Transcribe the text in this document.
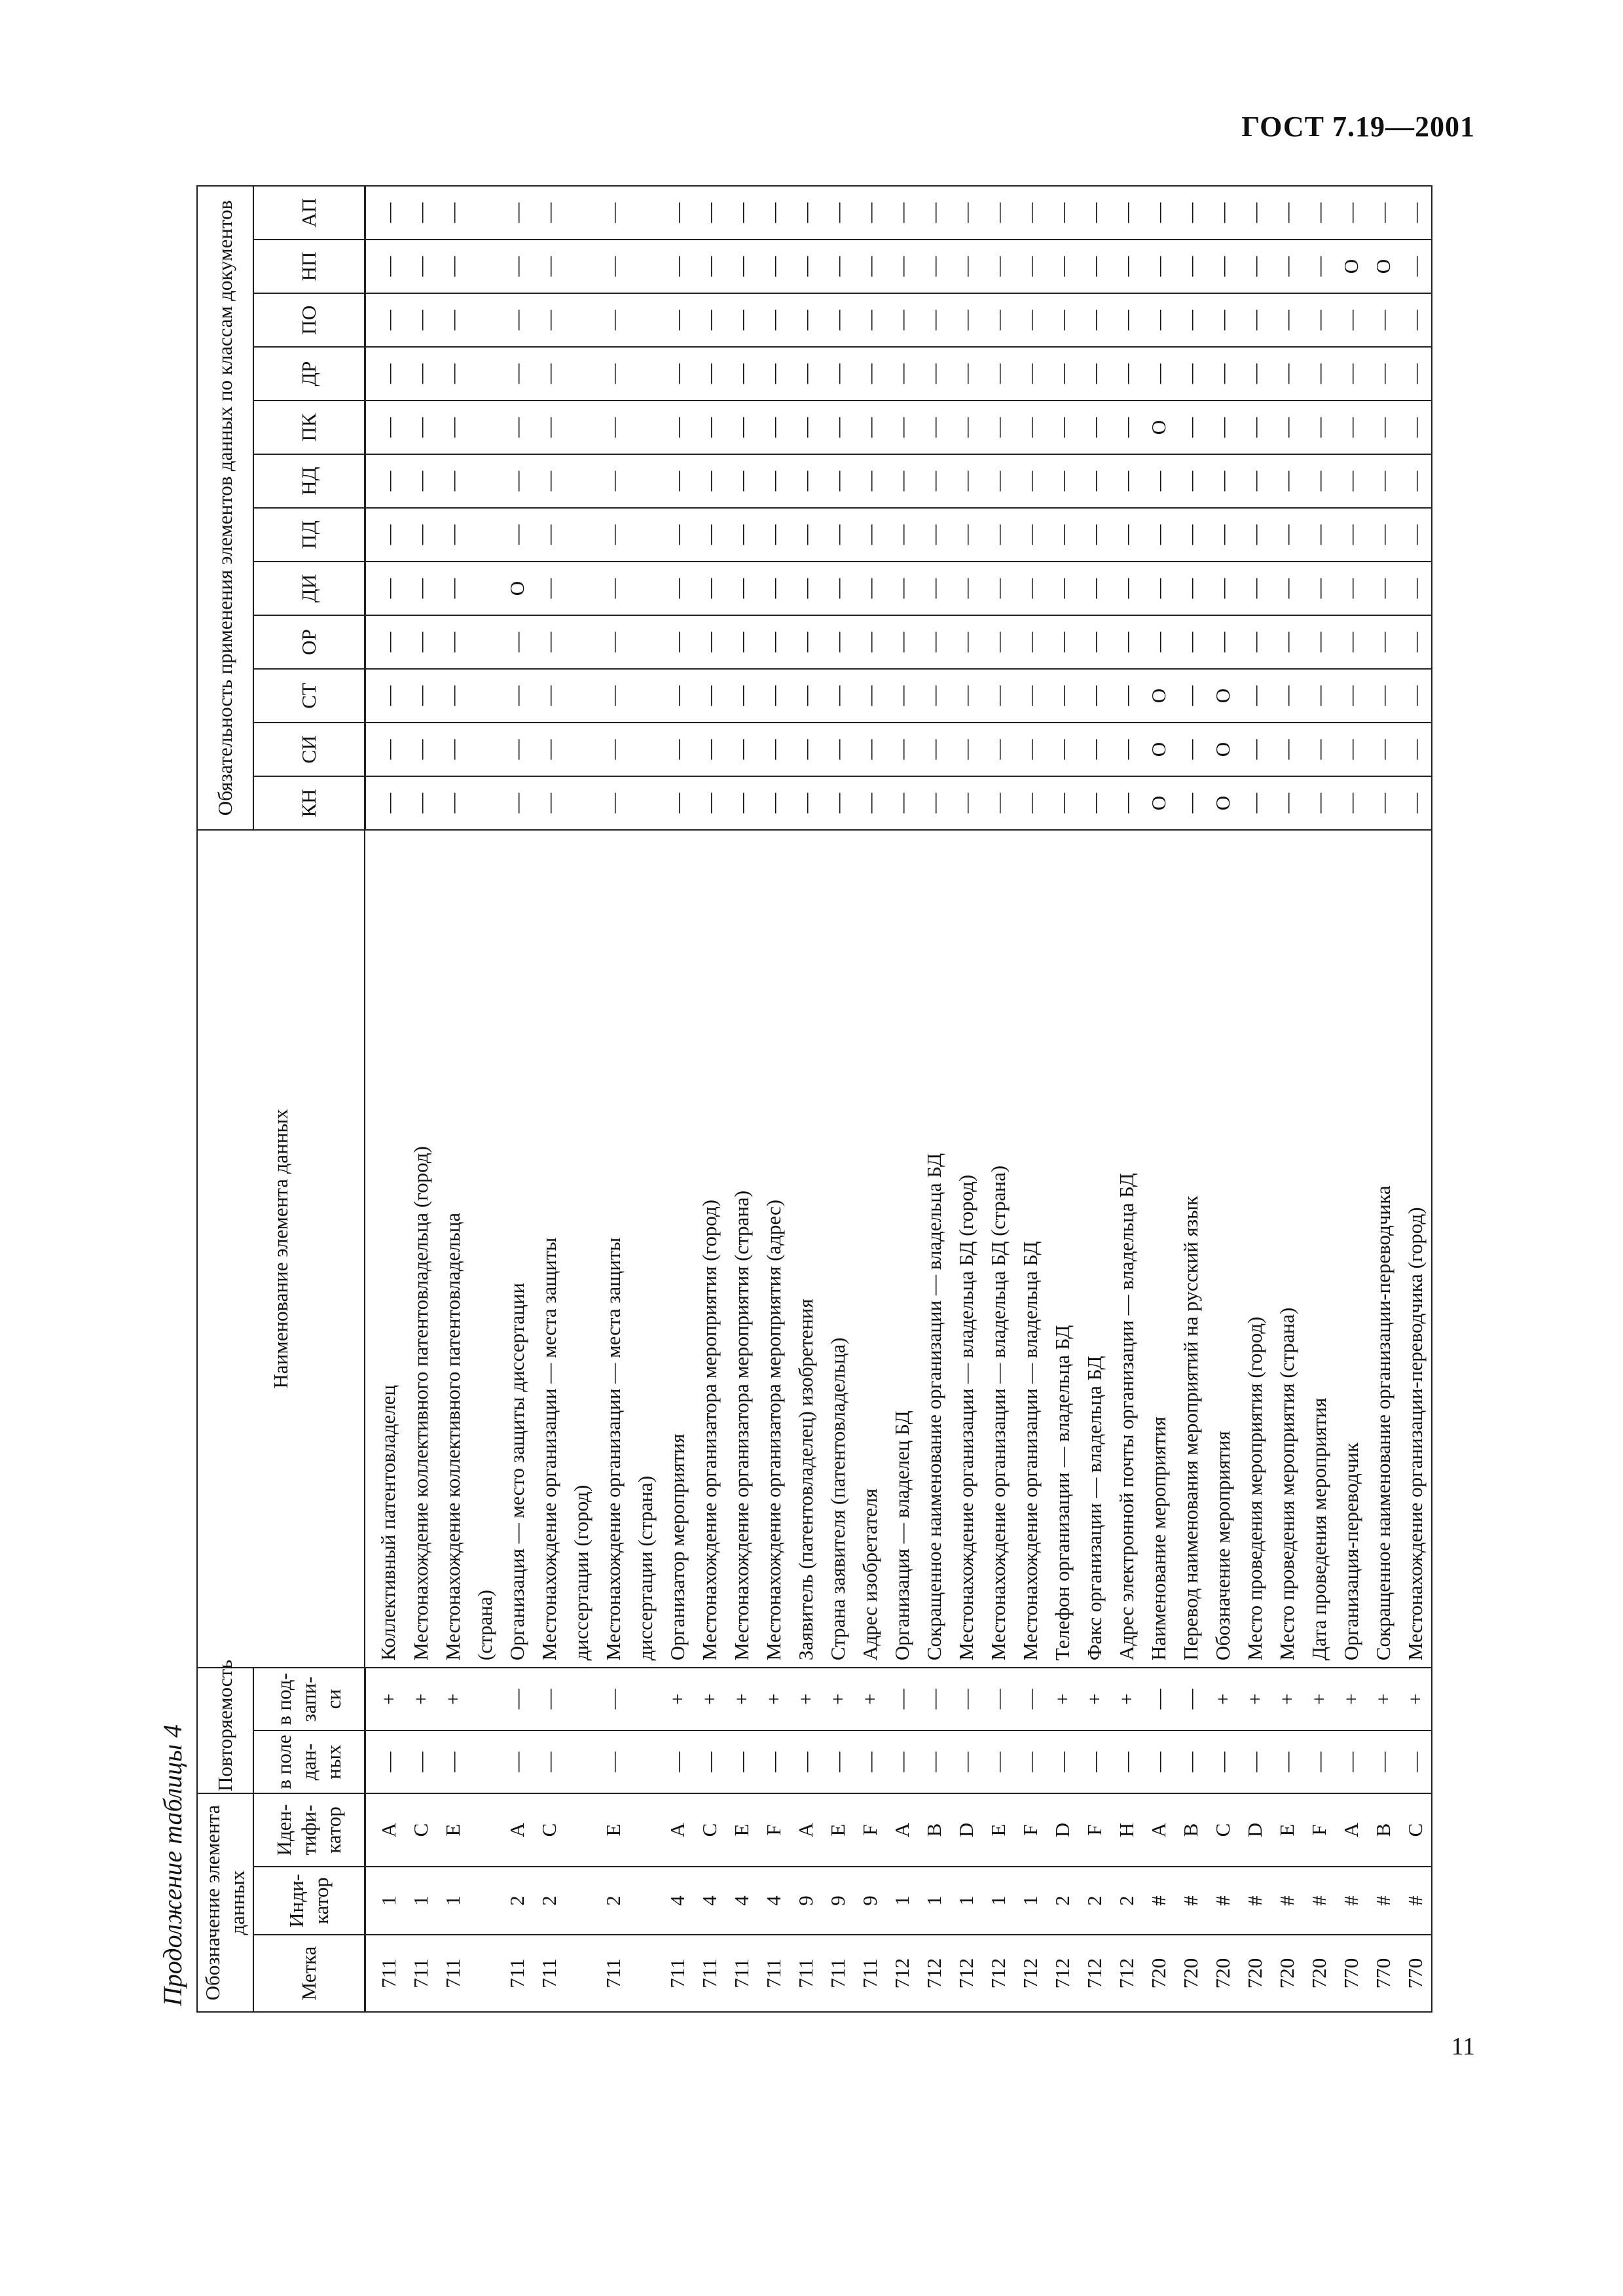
ГОСТ 7.19—2001
Продолжение таблицы 4 Обозначение элемента данных			Повторяемость		Наименование элемента данных	Обязательность применения элементов данных по классам документов											
Метка	Инди-катор	Иден-тифи-катор	в поле дан-ных	в под-запи-си		КН	СИ	СТ	ОР	ДИ	ПД	НД	ПК	ДР	ПО	НП	АП
711	1	A	—	+	Коллективный патентовладелец	—	—	—	—	—	—	—	—	—	—	—	—
711	1	C	—	+	Местонахождение коллективного патентовладельца (город)	—	—	—	—	—	—	—	—	—	—	—	—
711	1	E	—	+	Местонахождение коллективного патентовладельца	—	—	—	—	—	—	—	—	—	—	—	—
					(страна)												
711	2	A	—	—	Организация — место защиты диссертации	—	—	—	—	О	—	—	—	—	—	—	—
711	2	C	—	—	Местонахождение организации — места защиты	—	—	—	—	—	—	—	—	—	—	—	—
					диссертации (город)												
711	2	E	—	—	Местонахождение организации — места защиты	—	—	—	—	—	—	—	—	—	—	—	—
					диссертации (страна)												
711	4	A	—	+	Организатор мероприятия	—	—	—	—	—	—	—	—	—	—	—	—
711	4	C	—	+	Местонахождение организатора мероприятия (город)	—	—	—	—	—	—	—	—	—	—	—	—
711	4	E	—	+	Местонахождение организатора мероприятия (страна)	—	—	—	—	—	—	—	—	—	—	—	—
711	4	F	—	+	Местонахождение организатора мероприятия (адрес)	—	—	—	—	—	—	—	—	—	—	—	—
711	9	A	—	+	Заявитель (патентовладелец) изобретения	—	—	—	—	—	—	—	—	—	—	—	—
711	9	E	—	+	Страна заявителя (патентовладельца)	—	—	—	—	—	—	—	—	—	—	—	—
711	9	F	—	+	Адрес изобретателя	—	—	—	—	—	—	—	—	—	—	—	—
712	1	A	—	—	Организация — владелец БД	—	—	—	—	—	—	—	—	—	—	—	—
712	1	B	—	—	Сокращенное наименование организации — владельца БД	—	—	—	—	—	—	—	—	—	—	—	—
712	1	D	—	—	Местонахождение организации — владельца БД (город)	—	—	—	—	—	—	—	—	—	—	—	—
712	1	E	—	—	Местонахождение организации — владельца БД (страна)	—	—	—	—	—	—	—	—	—	—	—	—
712	1	F	—	—	Местонахождение организации — владельца БД	—	—	—	—	—	—	—	—	—	—	—	—
712	2	D	—	+	Телефон организации — владельца БД	—	—	—	—	—	—	—	—	—	—	—	—
712	2	F	—	+	Факс организации — владельца БД	—	—	—	—	—	—	—	—	—	—	—	—
712	2	H	—	+	Адрес электронной почты организации — владельца БД	—	—	—	—	—	—	—	—	—	—	—	—
720	#	A	—	—	Наименование мероприятия	О	О	О	—	—	—	—	О	—	—	—	—
720	#	B	—	—	Перевод наименования мероприятий на русский язык	—	—	—	—	—	—	—	—	—	—	—	—
720	#	C	—	+	Обозначение мероприятия	О	О	О	—	—	—	—	—	—	—	—	—
720	#	D	—	+	Место проведения мероприятия (город)	—	—	—	—	—	—	—	—	—	—	—	—
720	#	E	—	+	Место проведения мероприятия (страна)	—	—	—	—	—	—	—	—	—	—	—	—
720	#	F	—	+	Дата проведения мероприятия	—	—	—	—	—	—	—	—	—	—	—	—
770	#	A	—	+	Организация-переводчик	—	—	—	—	—	—	—	—	—	—	О	—
770	#	B	—	+	Сокращенное наименование организации-переводчика	—	—	—	—	—	—	—	—	—	—	О	—
770	#	C	—	+	Местонахождение организации-переводчика (город)	—	—	—	—	—	—	—	—	—	—	—	—
11
